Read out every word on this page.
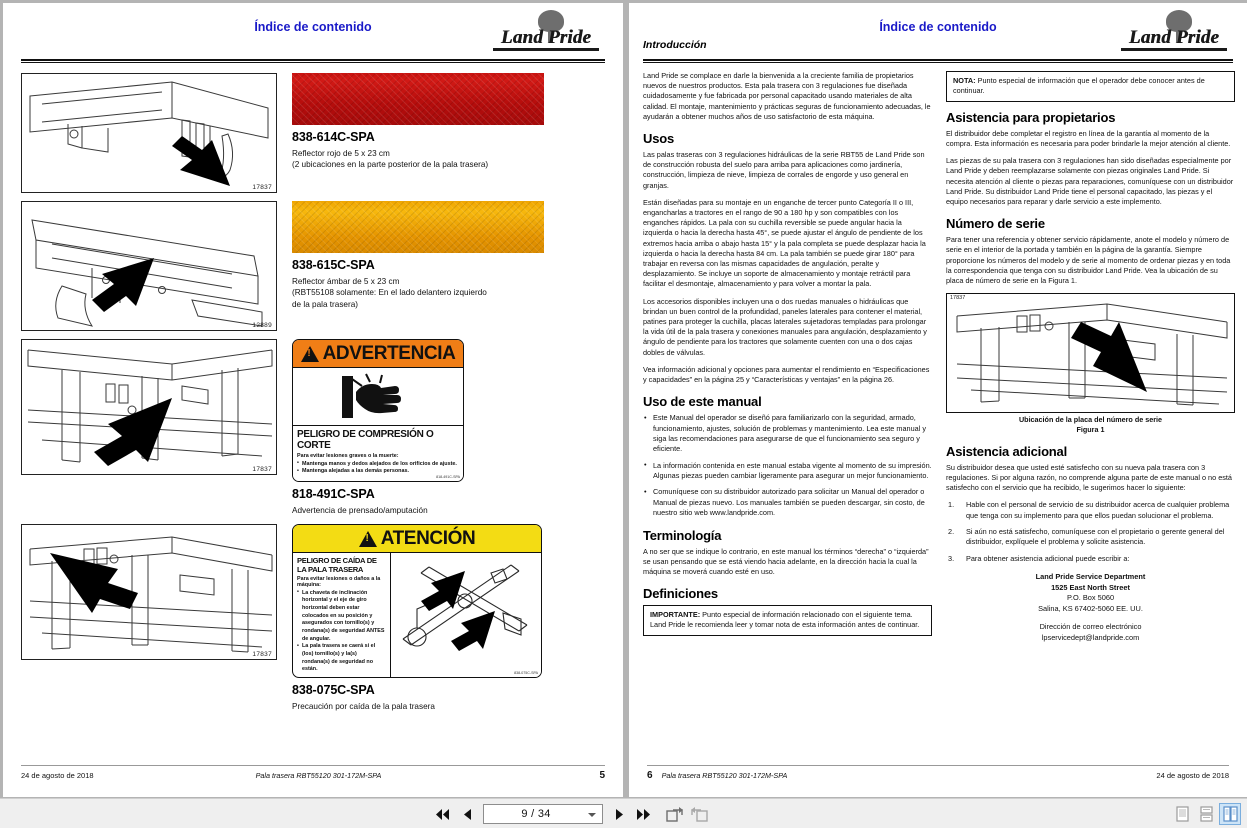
Índice de contenido	Land Pride
17837
838-614C-SPA
Reflector rojo de 5 x 23 cm
(2 ubicaciones en la parte posterior de la pala trasera)
12889
838-615C-SPA
Reflector ámbar de 5 x 23 cm
(RBT55108 solamente: En el lado delantero izquierdo
de la pala trasera)
17837
!
ADVERTENCIA
PELIGRO DE COMPRESIÓN O CORTE
Para evitar lesiones graves o la muerte:
• Mantenga manos y dedos alejados de los orificios de ajuste.
• Mantenga alejadas a las demás personas.
818-491C-SPA
818-491C-SPA
Advertencia de prensado/amputación
17837
!
ATENCIÓN
PELIGRO DE CAÍDA DE LA PALA TRASERA
Para evitar lesiones o daños a la máquina:
• La chaveta de inclinación horizontal y el eje de giro horizontal deben estar colocados en su posición y asegurados con tornillo(s) y rondana(s) de seguridad ANTES de angular.
• La pala trasera se caerá si el (los) tornillo(s) y la(s) rondana(s) de seguridad no están.
838-075C-SPA
838-075C-SPA
Precaución por caída de la pala trasera
24 de agosto de 2018	Pala trasera RBT55120 301-172M-SPA	5
Índice de contenido
Introducción	Land Pride
Land Pride se complace en darle la bienvenida a la creciente familia de propietarios nuevos de nuestros productos. Esta pala trasera con 3 regulaciones fue diseñada cuidadosamente y fue fabricada por personal capacitado usando materiales de alta calidad. El montaje, mantenimiento y prácticas seguras de funcionamiento adecuadas, le ayudarán a obtener muchos años de uso satisfactorio de esta máquina.
Usos
Las palas traseras con 3 regulaciones hidráulicas de la serie RBT55 de Land Pride son de construcción robusta del suelo para arriba para aplicaciones como jardinería, construcción, limpieza de nieve, limpieza de corrales de engorde y uso general en granjas.
Están diseñadas para su montaje en un enganche de tercer punto Categoría II o III, engancharlas a tractores en el rango de 90 a 180 hp y son compatibles con los enganches rápidos. La pala con su cuchilla reversible se puede angular hacia la izquierda o hacia la derecha hasta 45°, se puede ajustar el ángulo de pendiente de los extremos hacia arriba o abajo hasta 15° y la pala completa se puede desplazar hacia la izquierda o hacia la derecha hasta 84 cm. La pala también se puede girar 180° para trabajar en reversa con las mismas capacidades de angulación, peralte y desplazamiento. Se incluye un soporte de almacenamiento y montaje retráctil para facilitar el desmontaje, almacenamiento y para volver a montar la pala.
Los accesorios disponibles incluyen una o dos ruedas manuales o hidráulicas que brindan un buen control de la profundidad, paneles laterales para contener el material, patines para proteger la cuchilla, placas laterales sujetadoras templadas para prolongar la vida útil de la pala trasera y conexiones manuales para angulación, desplazamiento y ángulo de pendiente para los tractores que solamente cuenten con una o dos cajas dobles de válvulas.
Vea información adicional y opciones para aumentar el rendimiento en “Especificaciones y capacidades” en la página 25 y “Características y ventajas” en la página 26.
Uso de este manual
• Este Manual del operador se diseñó para familiarizarlo con la seguridad, armado, funcionamiento, ajustes, solución de problemas y mantenimiento. Lea este manual y siga las recomendaciones para asegurarse de que el funcionamiento sea seguro y eficiente.
• La información contenida en este manual estaba vigente al momento de su impresión. Algunas piezas pueden cambiar ligeramente para asegurar un mejor funcionamiento.
• Comuníquese con su distribuidor autorizado para solicitar un Manual del operador o Manual de piezas nuevo. Los manuales también se pueden descargar, sin costo, de nuestro sitio web www.landpride.com.
Terminología
A no ser que se indique lo contrario, en este manual los términos “derecha” o “izquierda” se usan pensando que se está viendo hacia adelante, en la dirección hacia la cual la máquina se moverá cuando esté en uso.
Definiciones
IMPORTANTE: Punto especial de información relacionado con el siguiente tema. Land Pride le recomienda leer y tomar nota de esta información antes de continuar.
NOTA: Punto especial de información que el operador debe conocer antes de continuar.
Asistencia para propietarios
El distribuidor debe completar el registro en línea de la garantía al momento de la compra. Esta información es necesaria para poder brindarle la mejor atención al cliente.
Las piezas de su pala trasera con 3 regulaciones han sido diseñadas especialmente por Land Pride y deben reemplazarse solamente con piezas originales Land Pride. Si necesita atención al cliente o piezas para reparaciones, comuníquese con un distribuidor Land Pride. Su distribuidor Land Pride tiene el personal capacitado, las piezas y el equipo necesarios para reparar y darle servicio a este implemento.
Número de serie
Para tener una referencia y obtener servicio rápidamente, anote el modelo y número de serie en el interior de la portada y también en la página de la garantía. Siempre proporcione los números del modelo y de serie al momento de ordenar piezas y en toda la correspondencia que tenga con su distribuidor Land Pride. Vea la ubicación de su placa de número de serie en la Figura 1.
17837
Ubicación de la placa del número de serie
Figura 1
Asistencia adicional
Su distribuidor desea que usted esté satisfecho con su nueva pala trasera con 3 regulaciones. Si por alguna razón, no comprende alguna parte de este manual o no está satisfecho con el servicio que ha recibido, le sugerimos hacer lo siguiente:
Hable con el personal de servicio de su distribuidor acerca de cualquier problema que tenga con su implemento para que ellos puedan solucionar el problema.
Si aún no está satisfecho, comuníquese con el propietario o gerente general del distribuidor, explíquele el problema y solicite asistencia.
Para obtener asistencia adicional puede escribir a:
Land Pride Service Department
1525 East North Street
P.O. Box 5060
Salina, KS 67402-5060 EE. UU.
Dirección de correo electrónico
lpservicedept@landpride.com
6 Pala trasera RBT55120 301-172M-SPA	24 de agosto de 2018
9 / 34
